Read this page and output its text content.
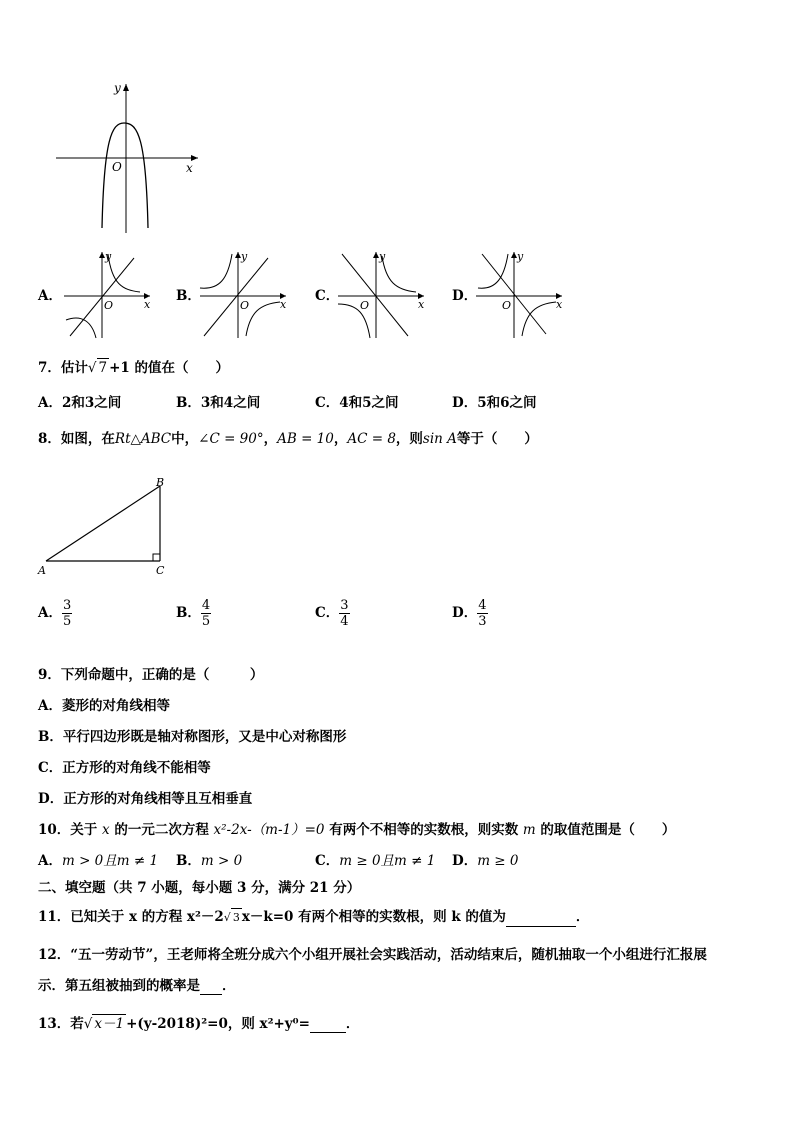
y
x
O
A．
y
x
O
B．
y
x
O
C．
y
x
O
D．
y
x
O
7．估计√ 7 +1 的值在（　　）
A．2和3之间	B．3和4之间	C．4和5之间	D．5和6之间
8．如图，在Rt△ABC中，∠C = 90°，AB = 10，AC = 8，则sin A等于（　　）
A
B
C
A． $\frac{3}{5}$	B． $\frac{4}{5}$	C． $\frac{3}{4}$	D． $\frac{4}{3}$
9．下列命题中，正确的是（　　　）
A．菱形的对角线相等
B．平行四边形既是轴对称图形，又是中心对称图形
C．正方形的对角线不能相等
D．正方形的对角线相等且互相垂直
10．关于 x 的一元二次方程 x²-2x-（m-1）=0 有两个不相等的实数根，则实数 m 的取值范围是（　　）
A．m > 0且m ≠ 1 B．m > 0	C．m ≥ 0且m ≠ 1 D．m ≥ 0
二、填空题（共 7 小题，每小题 3 分，满分 21 分）
11．已知关于 x 的方程 x²－2√ 3 x－k=0 有两个相等的实数根，则 k 的值为	．
12．“五一劳动节”，王老师将全班分成六个小组开展社会实践活动，活动结束后，随机抽取一个小组进行汇报展
示．第五组被抽到的概率是 ．
13．若√ x－1 +(y-2018)²=0，则 x²+y⁰=	．
